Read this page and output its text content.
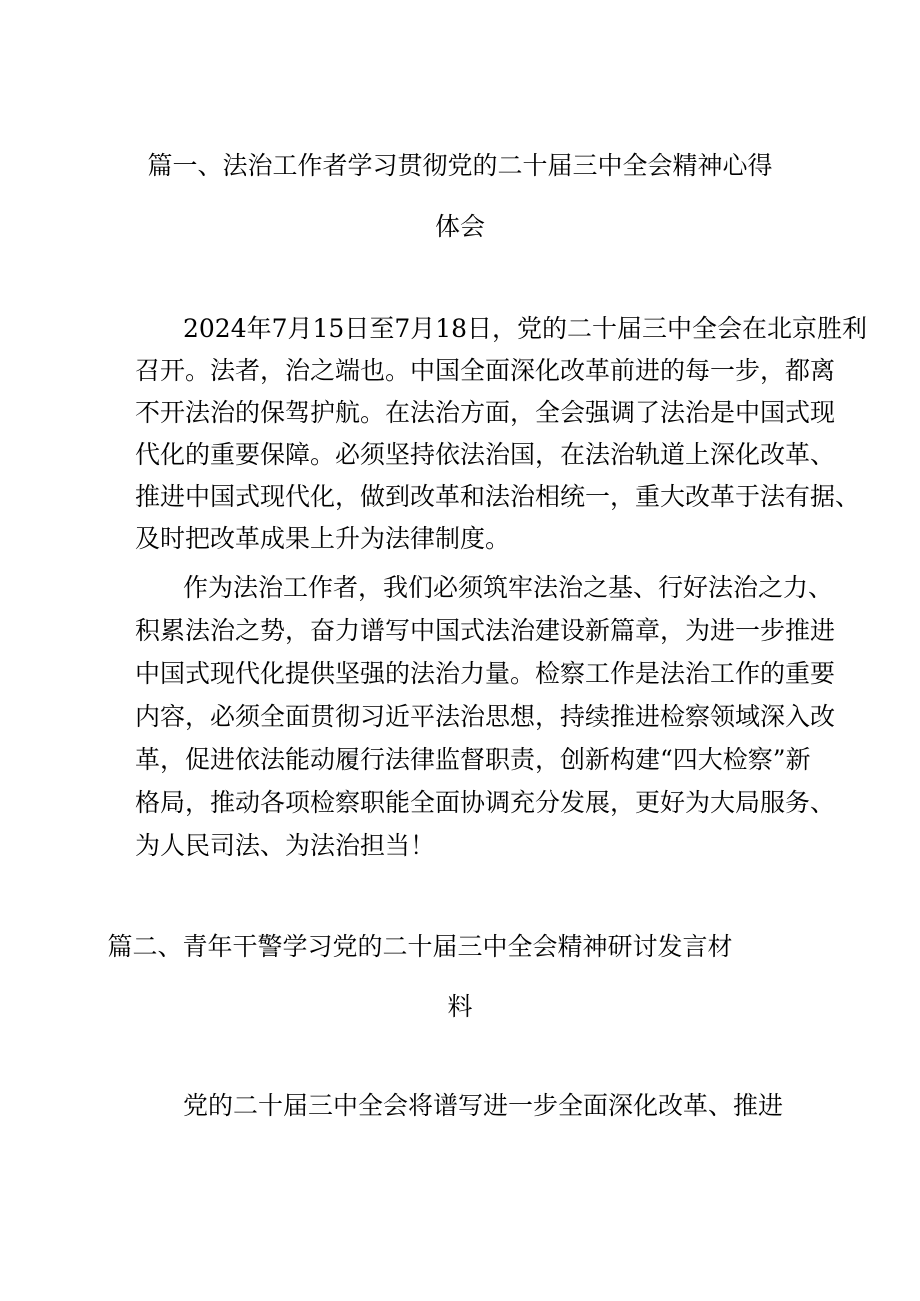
篇一、法治工作者学习贯彻党的二十届三中全会精神心得
体会
2024年7月15日至7月18日，党的二十届三中全会在北京胜利
召开。法者，治之端也。中国全面深化改革前进的每一步，都离
不开法治的保驾护航。在法治方面，全会强调了法治是中国式现
代化的重要保障。必须坚持依法治国，在法治轨道上深化改革、
推进中国式现代化，做到改革和法治相统一，重大改革于法有据、
及时把改革成果上升为法律制度。
作为法治工作者，我们必须筑牢法治之基、行好法治之力、
积累法治之势，奋力谱写中国式法治建设新篇章，为进一步推进
中国式现代化提供坚强的法治力量。检察工作是法治工作的重要
内容，必须全面贯彻习近平法治思想，持续推进检察领域深入改
革，促进依法能动履行法律监督职责，创新构建“四大检察”新
格局，推动各项检察职能全面协调充分发展，更好为大局服务、
为人民司法、为法治担当！
篇二、青年干警学习党的二十届三中全会精神研讨发言材
料
党的二十届三中全会将谱写进一步全面深化改革、推进
